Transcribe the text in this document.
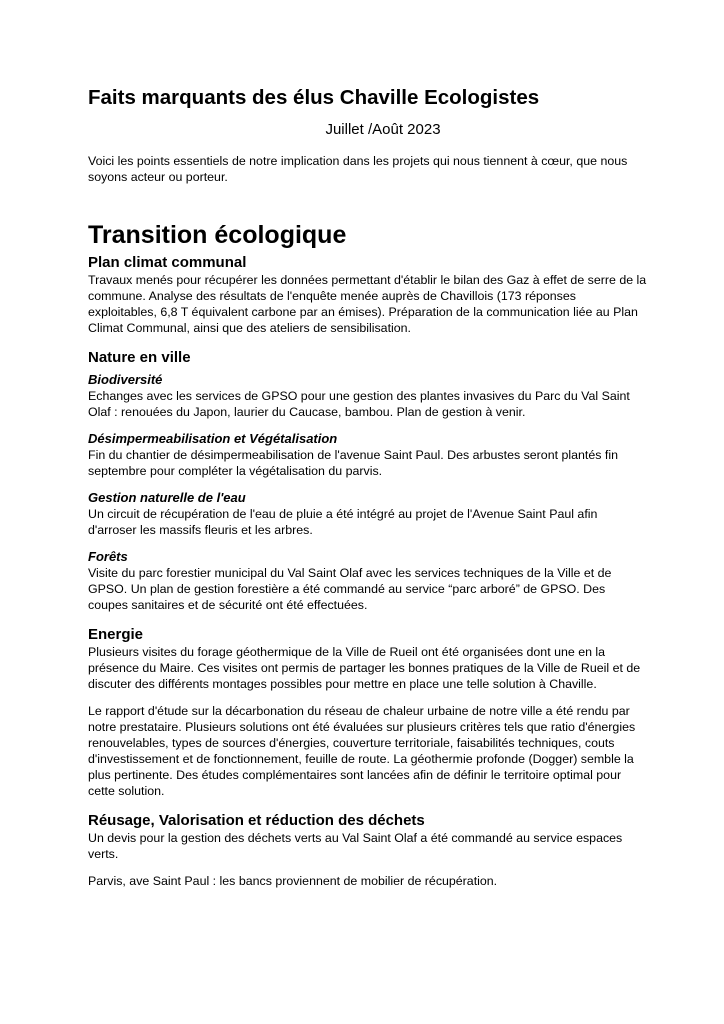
Faits marquants des élus Chaville Ecologistes
Juillet /Août 2023

Voici les points essentiels de notre implication dans les projets qui nous tiennent à cœur, que nous soyons acteur ou porteur.

Transition écologique
Plan climat communal

Travaux menés pour récupérer les données permettant d'établir le bilan des Gaz à effet de serre de la commune. Analyse des résultats de l'enquête menée auprès de Chavillois (173 réponses exploitables, 6,8 T équivalent carbone par an émises). Préparation de la communication liée au Plan Climat Communal, ainsi que des ateliers de sensibilisation.

Nature en ville
Biodiversité

Echanges avec les services de GPSO pour une gestion des plantes invasives du Parc du Val Saint Olaf : renouées du Japon, laurier du Caucase, bambou. Plan de gestion à venir.

Désimpermeabilisation et Végétalisation

Fin du chantier de désimpermeabilisation de l'avenue Saint Paul. Des arbustes seront plantés fin septembre pour compléter la végétalisation du parvis.

Gestion naturelle de l'eau

Un circuit de récupération de l'eau de pluie a été intégré au projet de l'Avenue Saint Paul afin d'arroser les massifs fleuris et les arbres.

Forêts

Visite du parc forestier municipal du Val Saint Olaf avec les services techniques de la Ville et de GPSO. Un plan de gestion forestière a été commandé au service “parc arboré” de GPSO. Des coupes sanitaires et de sécurité ont été effectuées.

Energie

Plusieurs visites du forage géothermique de la Ville de Rueil ont été organisées dont une en la présence du Maire. Ces visites ont permis de partager les bonnes pratiques de la Ville de Rueil et de discuter des différents montages possibles pour mettre en place une telle solution à Chaville.

Le rapport d'étude sur la décarbonation du réseau de chaleur urbaine de notre ville a été rendu par notre prestataire. Plusieurs solutions ont été évaluées sur plusieurs critères tels que ratio d'énergies renouvelables, types de sources d'énergies, couverture territoriale, faisabilités techniques, couts d'investissement et de fonctionnement, feuille de route. La géothermie profonde (Dogger) semble la plus pertinente. Des études complémentaires sont lancées afin de définir le territoire optimal pour cette solution.

Réusage, Valorisation et réduction des déchets

Un devis pour la gestion des déchets verts au Val Saint Olaf a été commandé au service espaces verts.

Parvis, ave Saint Paul : les bancs proviennent de mobilier de récupération.
